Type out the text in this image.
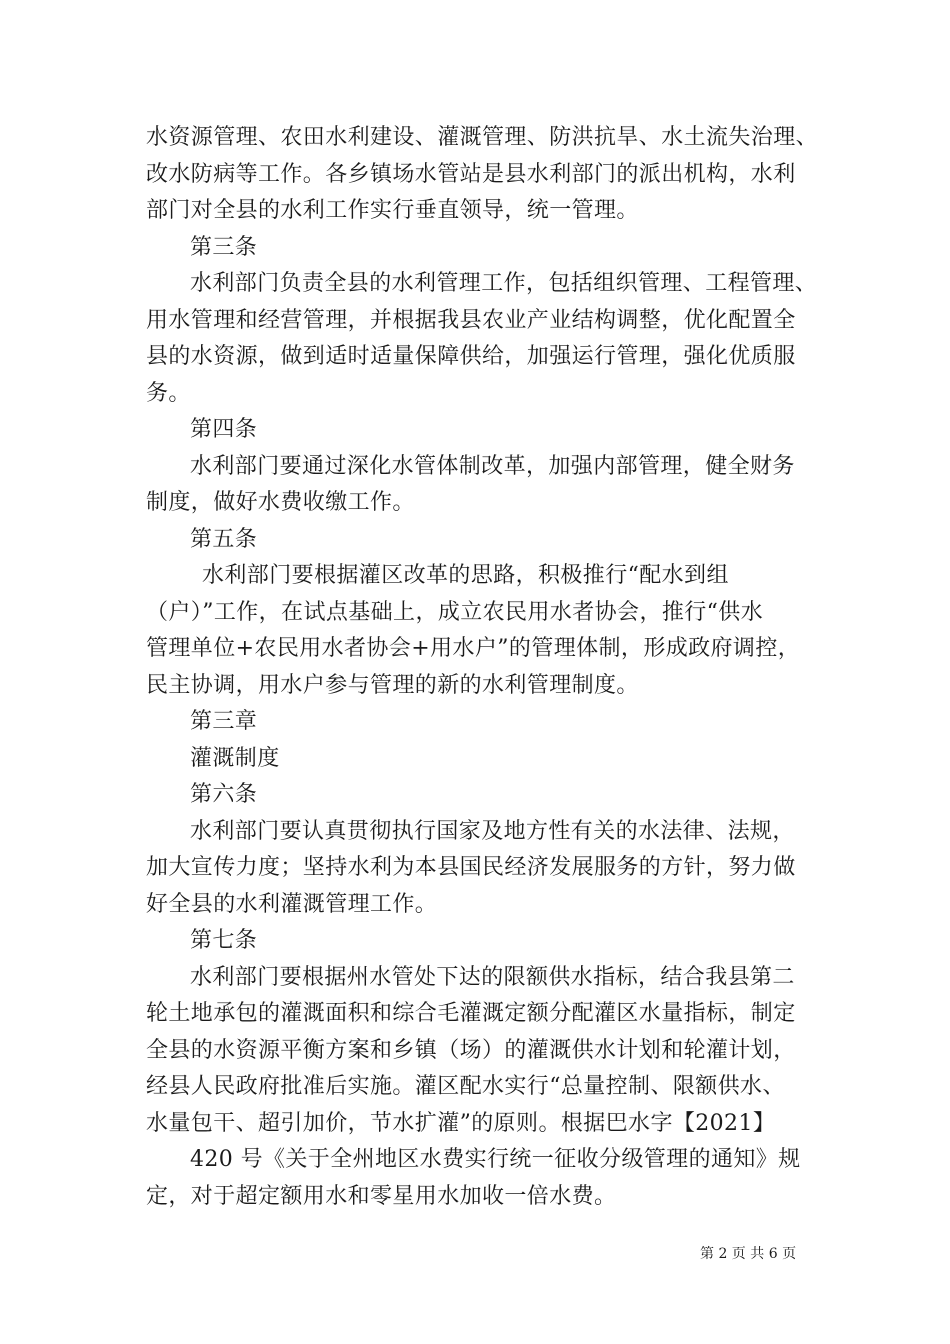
水资源管理、农田水利建设、灌溉管理、防洪抗旱、水土流失治理、
改水防病等工作。各乡镇场水管站是县水利部门的派出机构，水利
部门对全县的水利工作实行垂直领导，统一管理。
第三条
水利部门负责全县的水利管理工作，包括组织管理、工程管理、
用水管理和经营管理，并根据我县农业产业结构调整，优化配置全
县的水资源，做到适时适量保障供给，加强运行管理，强化优质服
务。
第四条
水利部门要通过深化水管体制改革，加强内部管理，健全财务
制度，做好水费收缴工作。
第五条
水利部门要根据灌区改革的思路，积极推行“配水到组
（户）”工作，在试点基础上，成立农民用水者协会，推行“供水
管理单位+农民用水者协会+用水户”的管理体制，形成政府调控，
民主协调，用水户参与管理的新的水利管理制度。
第三章
灌溉制度
第六条
水利部门要认真贯彻执行国家及地方性有关的水法律、法规，
加大宣传力度；坚持水利为本县国民经济发展服务的方针，努力做
好全县的水利灌溉管理工作。
第七条
水利部门要根据州水管处下达的限额供水指标，结合我县第二
轮土地承包的灌溉面积和综合毛灌溉定额分配灌区水量指标，制定
全县的水资源平衡方案和乡镇（场）的灌溉供水计划和轮灌计划，
经县人民政府批准后实施。灌区配水实行“总量控制、限额供水、
水量包干、超引加价，节水扩灌”的原则。根据巴水字【2021】
420 号《关于全州地区水费实行统一征收分级管理的通知》规
定，对于超定额用水和零星用水加收一倍水费。
第 2 页 共 6 页
